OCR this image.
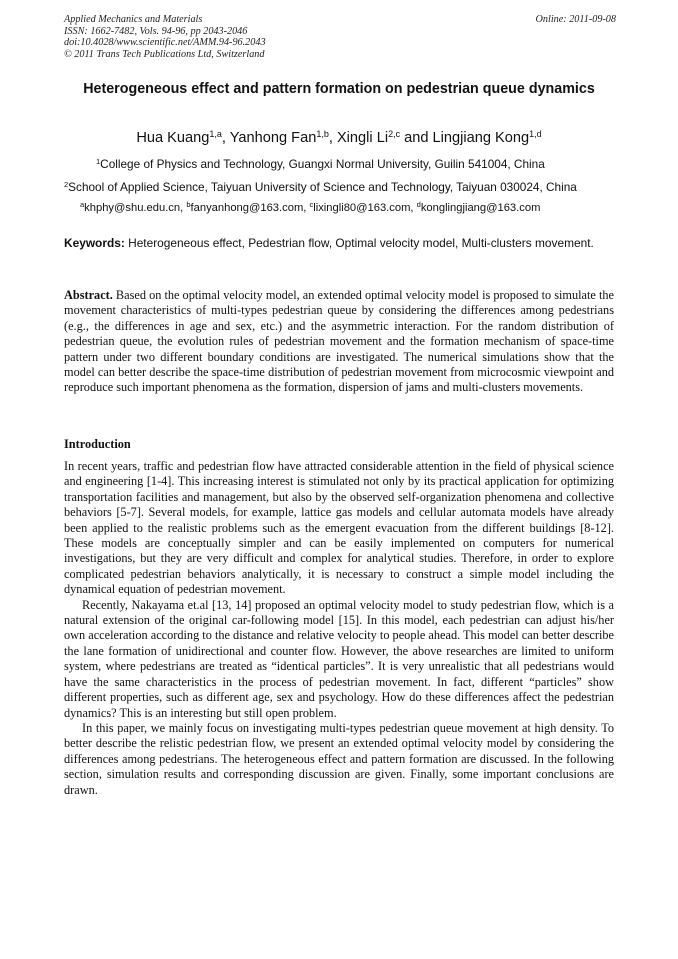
Applied Mechanics and Materials
ISSN: 1662-7482, Vols. 94-96, pp 2043-2046
doi:10.4028/www.scientific.net/AMM.94-96.2043
© 2011 Trans Tech Publications Ltd, Switzerland
Online: 2011-09-08
Heterogeneous effect and pattern formation on pedestrian queue dynamics
Hua Kuang$^{1,a}$, Yanhong Fan$^{1,b}$, Xingli Li$^{2,c}$ and Lingjiang Kong$^{1,d}$
$^1$College of Physics and Technology, Guangxi Normal University, Guilin 541004, China
$^2$School of Applied Science, Taiyuan University of Science and Technology, Taiyuan 030024, China
$^a$khphy@shu.edu.cn, $^b$fanyanhong@163.com, $^c$lixingli80@163.com, $^d$konglingjiang@163.com
Keywords: Heterogeneous effect, Pedestrian flow, Optimal velocity model, Multi-clusters movement.
Abstract. Based on the optimal velocity model, an extended optimal velocity model is proposed to simulate the movement characteristics of multi-types pedestrian queue by considering the differences among pedestrians (e.g., the differences in age and sex, etc.) and the asymmetric interaction. For the random distribution of pedestrian queue, the evolution rules of pedestrian movement and the formation mechanism of space-time pattern under two different boundary conditions are investigated. The numerical simulations show that the model can better describe the space-time distribution of pedestrian movement from microcosmic viewpoint and reproduce such important phenomena as the formation, dispersion of jams and multi-clusters movements.
Introduction

In recent years, traffic and pedestrian flow have attracted considerable attention in the field of physical science and engineering [1-4]. This increasing interest is stimulated not only by its practical application for optimizing transportation facilities and management, but also by the observed self-organization phenomena and collective behaviors [5-7]. Several models, for example, lattice gas models and cellular automata models have already been applied to the realistic problems such as the emergent evacuation from the different buildings [8-12]. These models are conceptually simpler and can be easily implemented on computers for numerical investigations, but they are very difficult and complex for analytical studies. Therefore, in order to explore complicated pedestrian behaviors analytically, it is necessary to construct a simple model including the dynamical equation of pedestrian movement.

Recently, Nakayama et.al [13, 14] proposed an optimal velocity model to study pedestrian flow, which is a natural extension of the original car-following model [15]. In this model, each pedestrian can adjust his/her own acceleration according to the distance and relative velocity to people ahead. This model can better describe the lane formation of unidirectional and counter flow. However, the above researches are limited to uniform system, where pedestrians are treated as “identical particles”. It is very unrealistic that all pedestrians would have the same characteristics in the process of pedestrian movement. In fact, different “particles” show different properties, such as different age, sex and psychology. How do these differences affect the pedestrian dynamics? This is an interesting but still open problem.

In this paper, we mainly focus on investigating multi-types pedestrian queue movement at high density. To better describe the relistic pedestrian flow, we present an extended optimal velocity model by considering the differences among pedestrians. The heterogeneous effect and pattern formation are discussed. In the following section, simulation results and corresponding discussion are given. Finally, some important conclusions are drawn.
